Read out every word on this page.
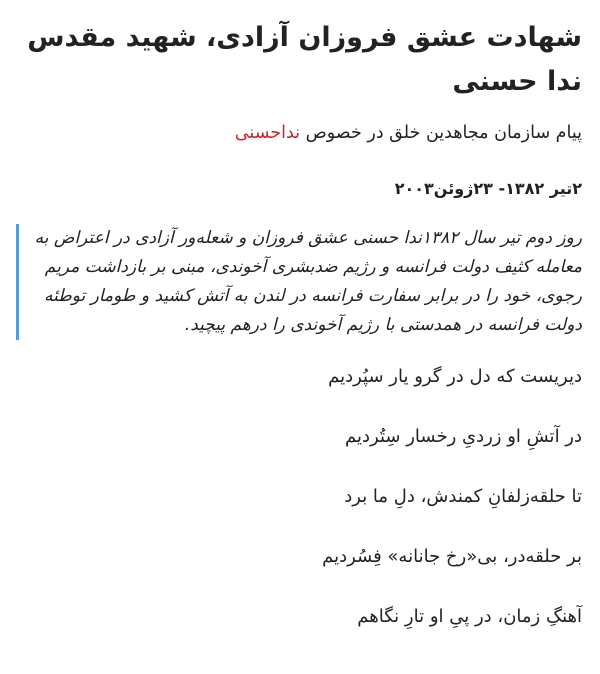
شهادت عشق فروزان آزادی، شهید مقدس ندا حسنی
پیام سازمان مجاهدین خلق در خصوص نداحسنی
۲تیر ۱۳۸۲- ۲۳ژوئن۲۰۰۳
روز دوم تیر سال ۱۳۸۲ندا حسنی عشق فروزان و شعله‌ور آزادی در اعتراض به معامله کثیف دولت فرانسه و رژیم ضدبشری آخوندی، مبنی بر بازداشت مریم رجوی، خود را در برابر سفارت فرانسه در لندن به آتش کشید و طومار توطئه دولت فرانسه در همدستی با رژیم آخوندی را درهم پیچید.

دیریست که دل در گرو یار سپُردیم

در آتشِ او زردیِ رخسار سِتُردیم

تا حلقه‌زلفانِ کمندش، دلِ ما برد

بر حلقه‌در، بی«رخ جانانه» فِسُردیم

آهنگِ زمان، در پیِ او تارِ نگاهم
